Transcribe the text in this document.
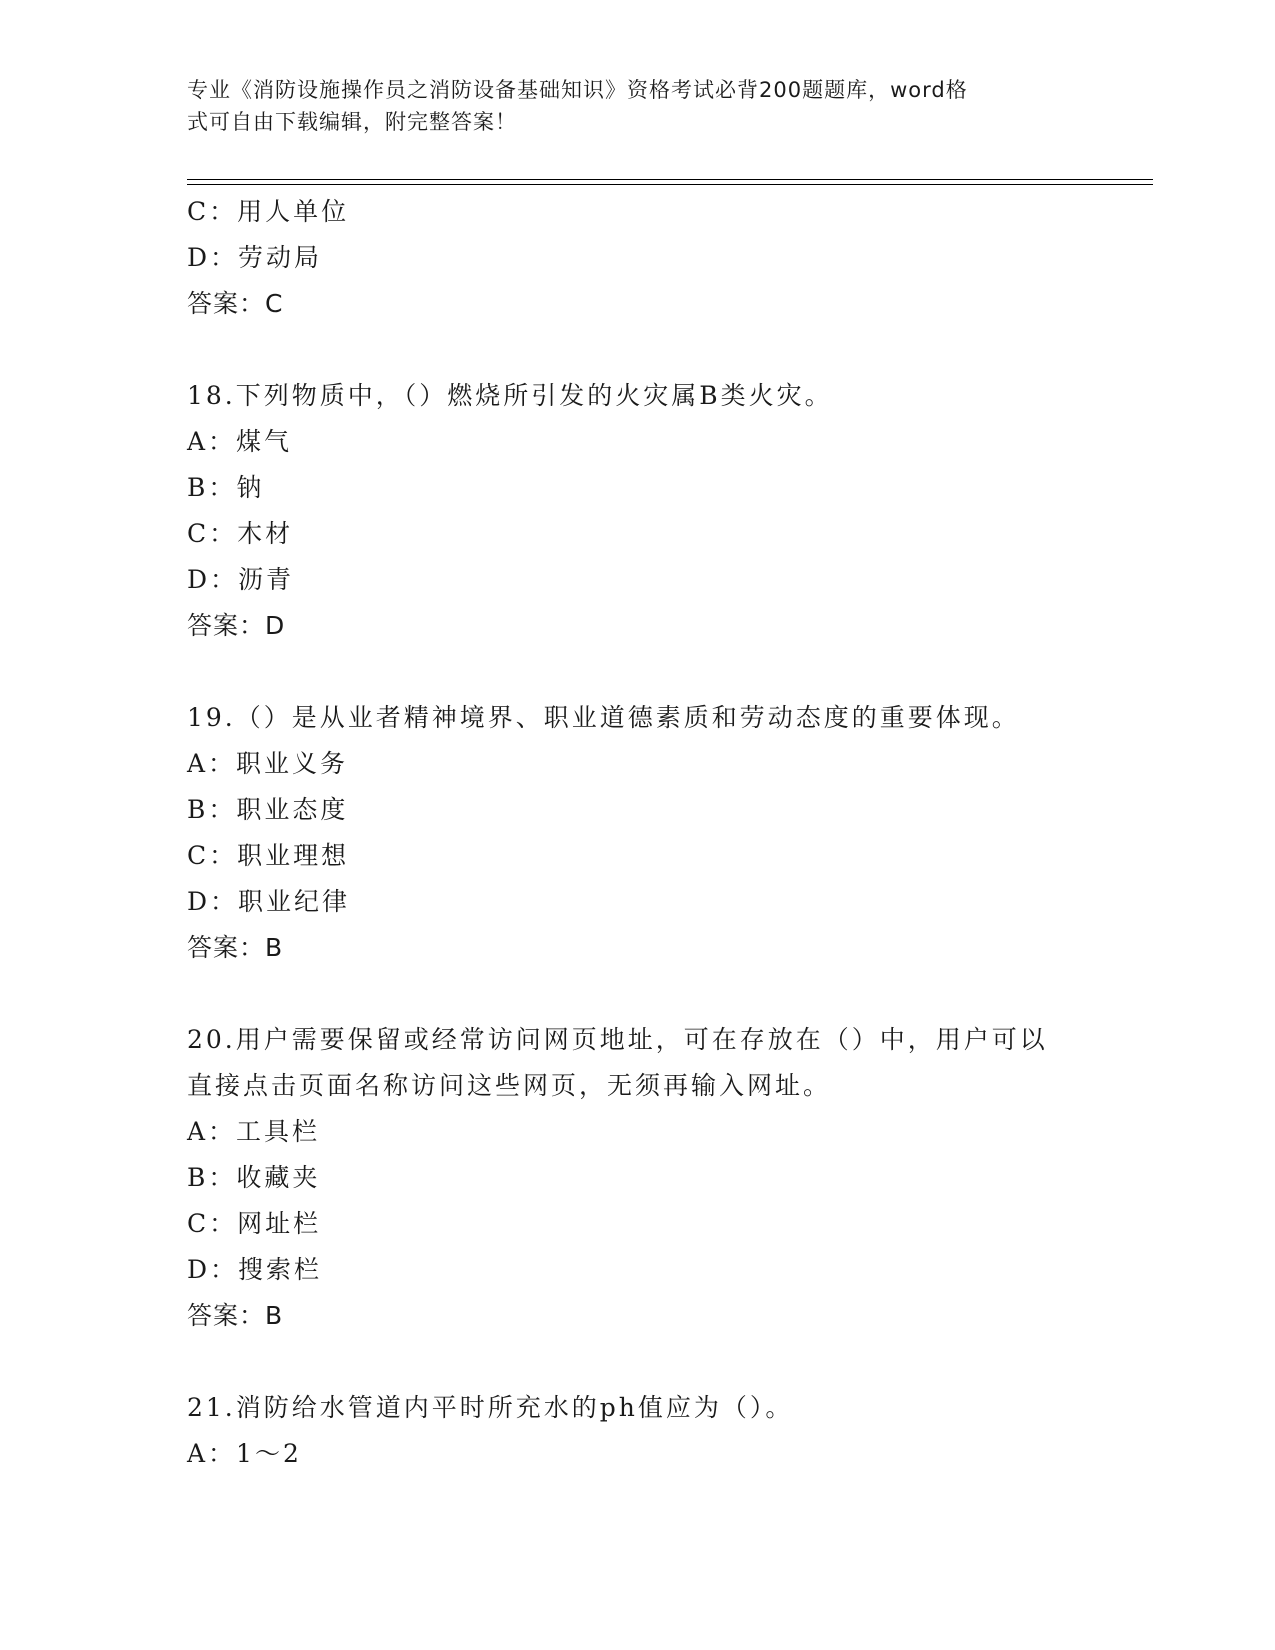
专业《消防设施操作员之消防设备基础知识》资格考试必背200题题库，word格
式可自由下载编辑，附完整答案！
C：用人单位
D：劳动局
答案：C
18.下列物质中，（）燃烧所引发的火灾属B类火灾。
A：煤气
B：钠
C：木材
D：沥青
答案：D
19.（）是从业者精神境界、职业道德素质和劳动态度的重要体现。
A：职业义务
B：职业态度
C：职业理想
D：职业纪律
答案：B
20.用户需要保留或经常访问网页地址，可在存放在（）中，用户可以
直接点击页面名称访问这些网页，无须再输入网址。
A：工具栏
B：收藏夹
C：网址栏
D：搜索栏
答案：B
21.消防给水管道内平时所充水的ph值应为（）。
A：1～2
